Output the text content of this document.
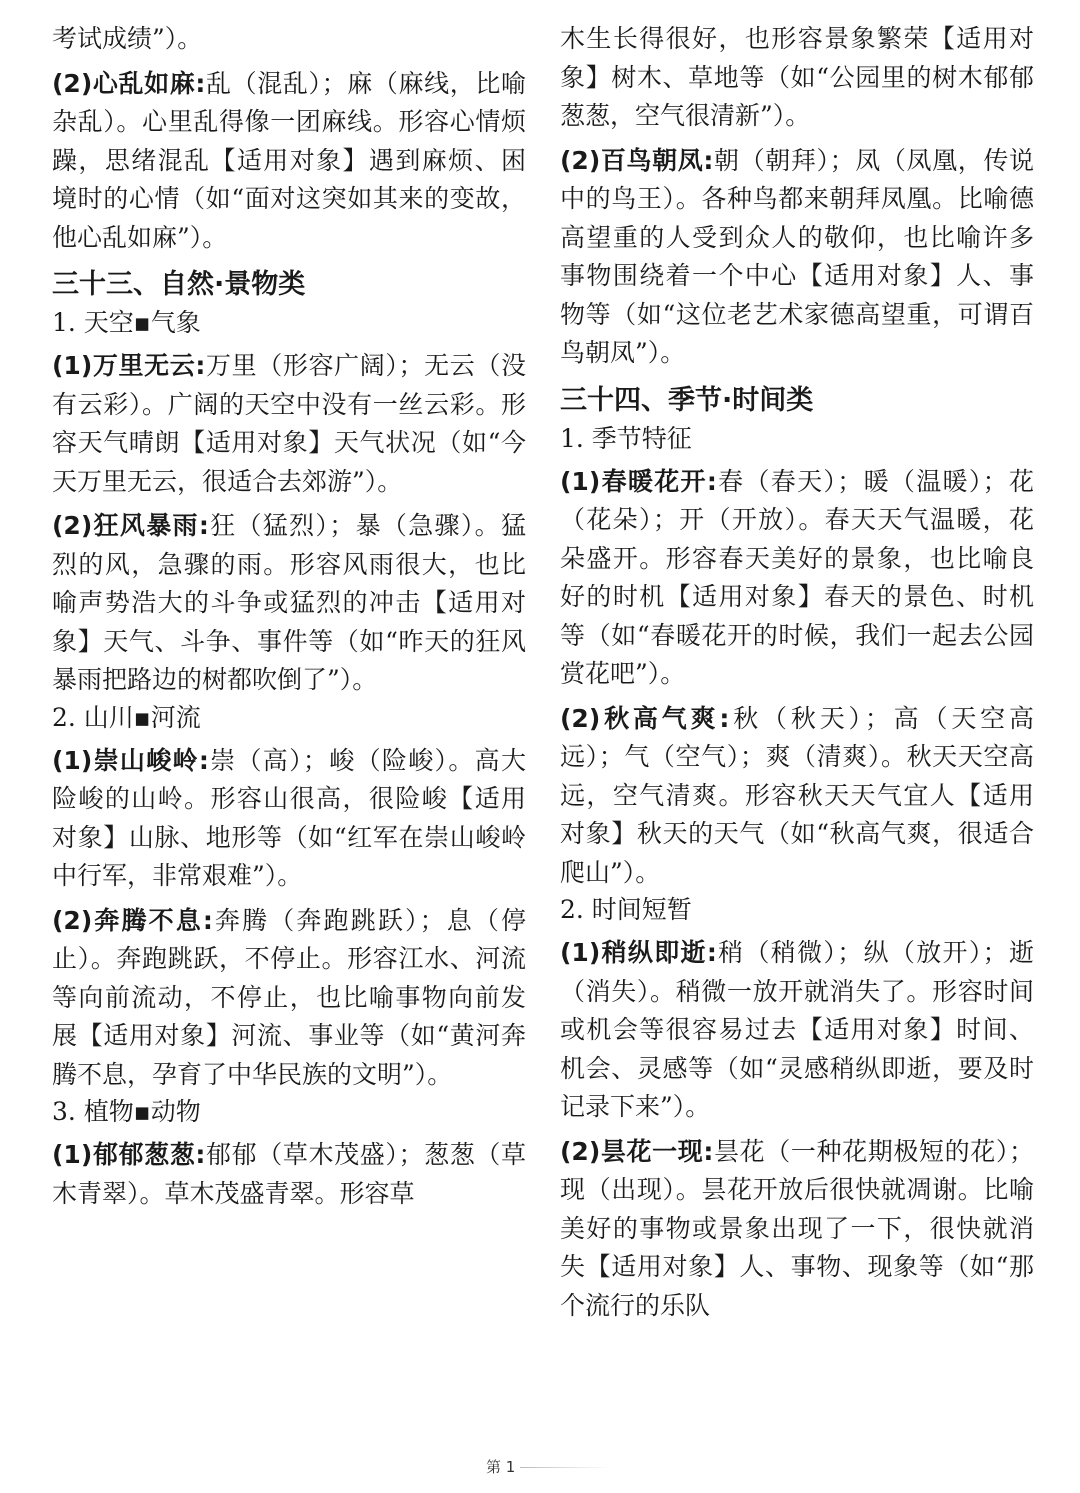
考试成绩”）。

(2)心乱如麻:乱（混乱）；麻（麻线，比喻杂乱）。心里乱得像一团麻线。形容心情烦躁，思绪混乱【适用对象】遇到麻烦、困境时的心情（如“面对这突如其来的变故，他心乱如麻”）。

三十三、自然·景物类

1. 天空▪气象

(1)万里无云:万里（形容广阔）；无云（没有云彩）。广阔的天空中没有一丝云彩。形容天气晴朗【适用对象】天气状况（如“今天万里无云，很适合去郊游”）。

(2)狂风暴雨:狂（猛烈）；暴（急骤）。猛烈的风，急骤的雨。形容风雨很大，也比喻声势浩大的斗争或猛烈的冲击【适用对象】天气、斗争、事件等（如“昨天的狂风暴雨把路边的树都吹倒了”）。

2. 山川▪河流

(1)崇山峻岭:崇（高）；峻（险峻）。高大险峻的山岭。形容山很高，很险峻【适用对象】山脉、地形等（如“红军在崇山峻岭中行军，非常艰难”）。

(2)奔腾不息:奔腾（奔跑跳跃）；息（停止）。奔跑跳跃，不停止。形容江水、河流等向前流动，不停止，也比喻事物向前发展【适用对象】河流、事业等（如“黄河奔腾不息，孕育了中华民族的文明”）。

3. 植物▪动物

(1)郁郁葱葱:郁郁（草木茂盛）；葱葱（草木青翠）。草木茂盛青翠。形容草

木生长得很好，也形容景象繁荣【适用对象】树木、草地等（如“公园里的树木郁郁葱葱，空气很清新”）。

(2)百鸟朝凤:朝（朝拜）；凤（凤凰，传说中的鸟王）。各种鸟都来朝拜凤凰。比喻德高望重的人受到众人的敬仰，也比喻许多事物围绕着一个中心【适用对象】人、事物等（如“这位老艺术家德高望重，可谓百鸟朝凤”）。

三十四、季节·时间类

1. 季节特征

(1)春暖花开:春（春天）；暖（温暖）；花（花朵）；开（开放）。春天天气温暖，花朵盛开。形容春天美好的景象，也比喻良好的时机【适用对象】春天的景色、时机等（如“春暖花开的时候，我们一起去公园赏花吧”）。

(2)秋高气爽:秋（秋天）；高（天空高远）；气（空气）；爽（清爽）。秋天天空高远，空气清爽。形容秋天天气宜人【适用对象】秋天的天气（如“秋高气爽，很适合爬山”）。

2. 时间短暂

(1)稍纵即逝:稍（稍微）；纵（放开）；逝（消失）。稍微一放开就消失了。形容时间或机会等很容易过去【适用对象】时间、机会、灵感等（如“灵感稍纵即逝，要及时记录下来”）。

(2)昙花一现:昙花（一种花期极短的花）；现（出现）。昙花开放后很快就凋谢。比喻美好的事物或景象出现了一下，很快就消失【适用对象】人、事物、现象等（如“那个流行的乐队

第 1
